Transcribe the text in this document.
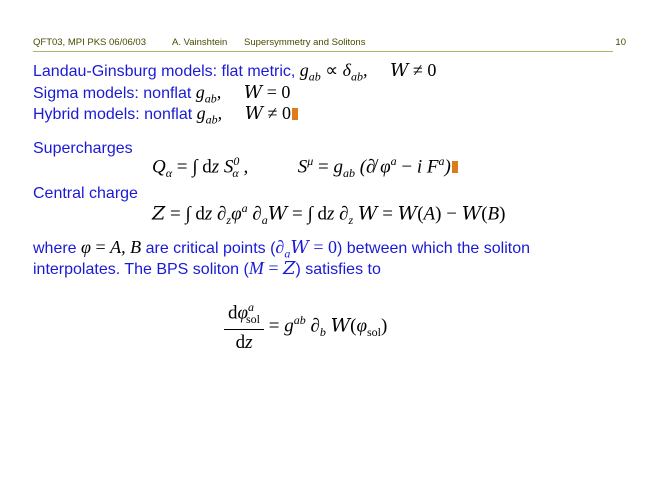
QFT03, MPI PKS 06/06/03	A. Vainshtein Supersymmetry and Solitons	10
Landau-Ginsburg models: flat metric, $g_{ab} \propto \delta_{ab}$,     W ≠ 0
Sigma models: nonflat $g_{ab}$,     W = 0
Hybrid models: nonflat $g_{ab}$,     W ≠ 0
Supercharges
$Q_\alpha$ = ∫ dz $S^0_\alpha$ ,  $S^\mu = g_{ab}$ (∂̸ $\varphi^a - i$ $F^a$)
Central charge
Z = ∫ dz $\partial_z\varphi^a$ $\partial_aW$ = ∫ dz $\partial_z$ W = W(A) − W(B)
where φ = A, B are critical points $(\partial_aW = 0)$ between which the soliton
interpolates. The BPS soliton (M = Z) satisfies to
$\frac{d\varphi^a_{sol}}{dz} = g^{ab}$ $\partial_b$ $W(\varphi_{sol})$
